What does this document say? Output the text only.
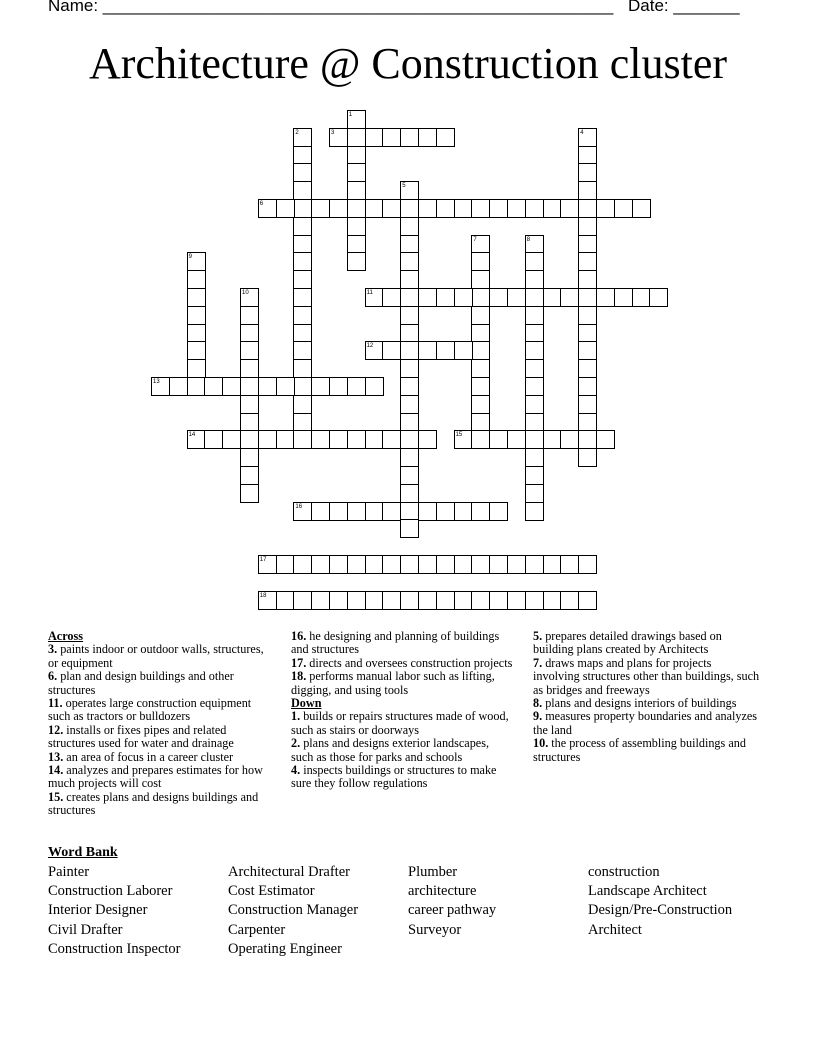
Name: ______________________________________________________ Date: _______
Architecture @ Construction cluster
1
2	3	4
5
6
7	8
9
10	11
12
13
14	15
16
17
18
Across
3. paints indoor or outdoor walls, structures, or equipment
6. plan and design buildings and other structures
11. operates large construction equipment such as tractors or bulldozers
12. installs or fixes pipes and related structures used for water and drainage
13. an area of focus in a career cluster
14. analyzes and prepares estimates for how much projects will cost
15. creates plans and designs buildings and structures
16. he designing and planning of buildings and structures
17. directs and oversees construction projects
18. performs manual labor such as lifting, digging, and using tools
Down
1. builds or repairs structures made of wood, such as stairs or doorways
2. plans and designs exterior landscapes, such as those for parks and schools
4. inspects buildings or structures to make sure they follow regulations
5. prepares detailed drawings based on building plans created by Architects
7. draws maps and plans for projects involving structures other than buildings, such as bridges and freeways
8. plans and designs interiors of buildings
9. measures property boundaries and analyzes the land
10. the process of assembling buildings and structures
Word Bank
Painter
Construction Laborer
Interior Designer
Civil Drafter
Construction Inspector
Architectural Drafter
Cost Estimator
Construction Manager
Carpenter
Operating Engineer
Plumber
architecture
career pathway
Surveyor
construction
Landscape Architect
Design/Pre-Construction
Architect
